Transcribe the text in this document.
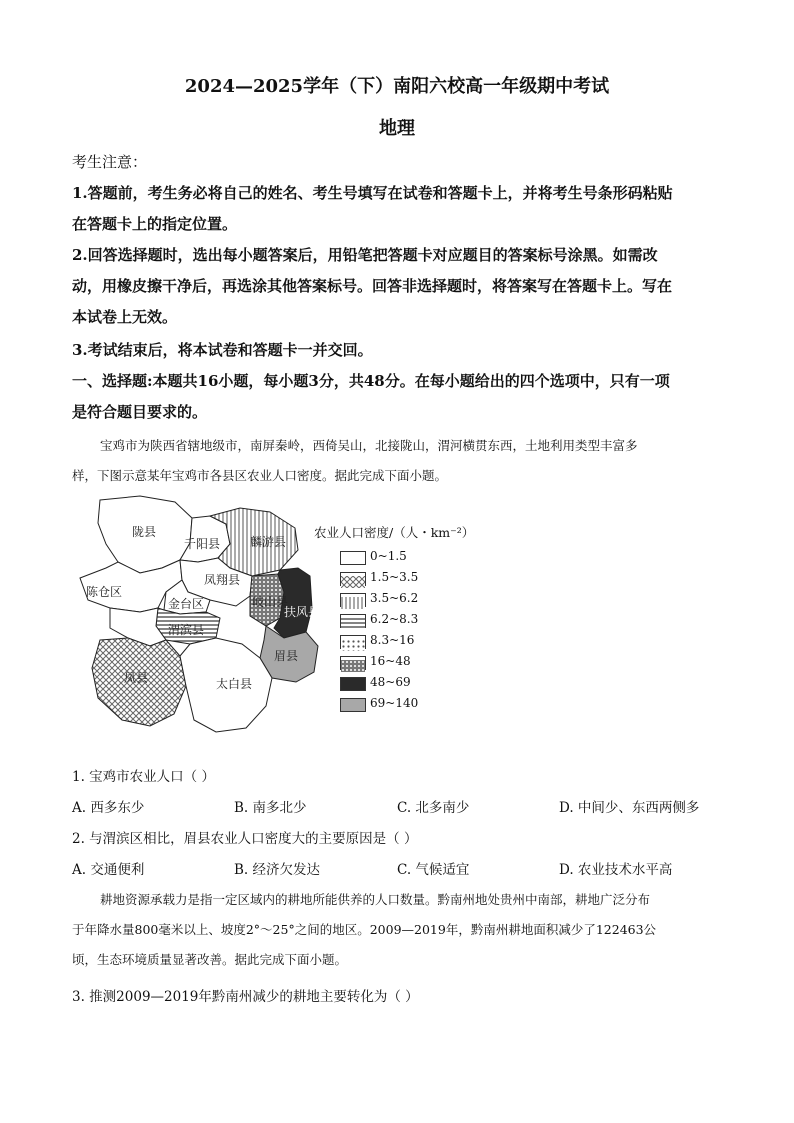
2024—2025学年（下）南阳六校高一年级期中考试
地理
考生注意：
1.答题前，考生务必将自己的姓名、考生号填写在试卷和答题卡上，并将考生号条形码粘贴
在答题卡上的指定位置。
2.回答选择题时，选出每小题答案后，用铅笔把答题卡对应题目的答案标号涂黑。如需改
动，用橡皮擦干净后，再选涂其他答案标号。回答非选择题时，将答案写在答题卡上。写在
本试卷上无效。
3.考试结束后，将本试卷和答题卡一并交回。
一、选择题:本题共16小题，每小题3分，共48分。在每小题给出的四个选项中，只有一项
是符合题目要求的。
宝鸡市为陕西省辖地级市，南屏秦岭，西倚吴山，北接陇山，渭河横贯东西，土地利用类型丰富多
样，下图示意某年宝鸡市各县区农业人口密度。据此完成下面小题。
陇县
千阳县 麟游县
陈仓区
凤翔县
金台区	岐山县
扶风县
渭滨县
眉县
凤县	太白县
农业人口密度/（人・km⁻²）
0~1.5
1.5~3.5
3.5~6.2
6.2~8.3
8.3~16
16~48
48~69
69~140
1. 宝鸡市农业人口（ ）
A. 西多东少	B. 南多北少	C. 北多南少	D. 中间少、东西两侧多
2. 与渭滨区相比，眉县农业人口密度大的主要原因是（ ）
A. 交通便利	B. 经济欠发达	C. 气候适宜	D. 农业技术水平高
耕地资源承载力是指一定区域内的耕地所能供养的人口数量。黔南州地处贵州中南部，耕地广泛分布
于年降水量800毫米以上、坡度2°～25°之间的地区。2009—2019年，黔南州耕地面积减少了122463公
顷，生态环境质量显著改善。据此完成下面小题。
3. 推测2009—2019年黔南州减少的耕地主要转化为（ ）
